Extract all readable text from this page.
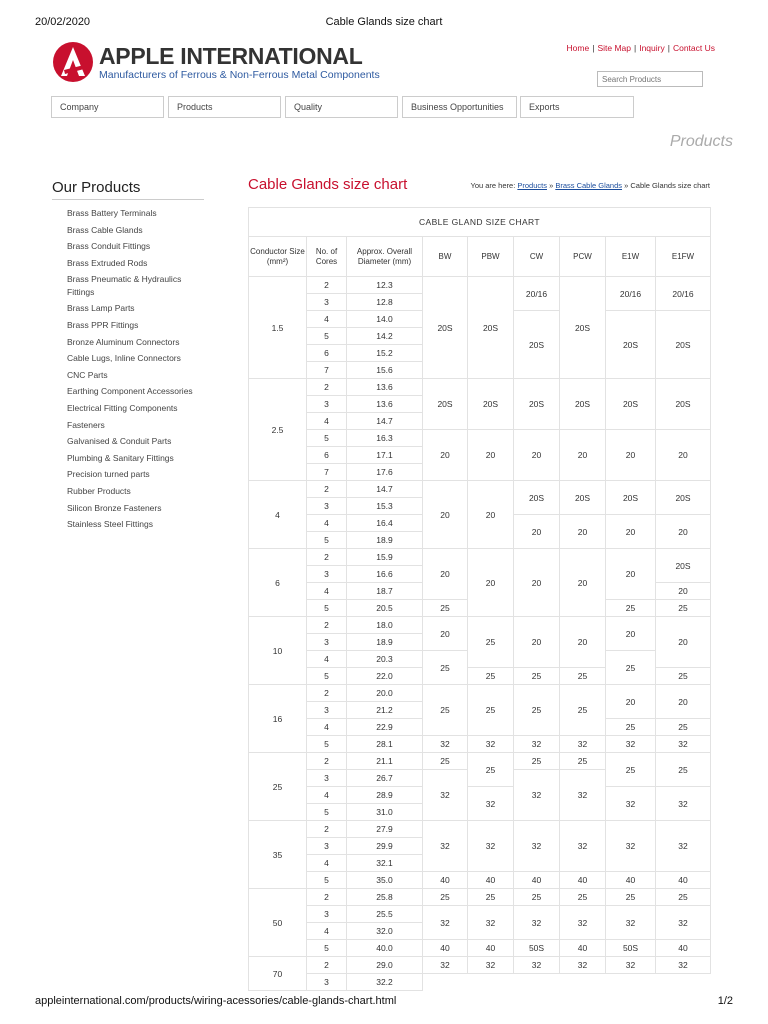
20/02/2020	Cable Glands size chart
APPLE INTERNATIONAL
Manufacturers of Ferrous & Non-Ferrous Metal Components
Home | Site Map | Inquiry | Contact Us
Search Products
Company	Products	Quality	Business Opportunities	Exports
Products
Our Products
Brass Battery Terminals
Brass Cable Glands
Brass Conduit Fittings
Brass Extruded Rods
Brass Pneumatic & Hydraulics Fittings
Brass Lamp Parts
Brass PPR Fittings
Bronze Aluminum Connectors
Cable Lugs, Inline Connectors
CNC Parts
Earthing Component Accessories
Electrical Fitting Components
Fasteners
Galvanised & Conduit Parts
Plumbing & Sanitary Fittings
Precision turned parts
Rubber Products
Silicon Bronze Fasteners
Stainless Steel Fittings
Cable Glands size chart	You are here: Products » Brass Cable Glands » Cable Glands size chart
CABLE GLAND SIZE CHART								
Conductor Size (mm²)	No. of Cores	Approx. Overall Diameter (mm)	BW	PBW	CW	PCW	E1W	E1FW
1.5	2	12.3	20S	20S	20/16	20S	20/16	20/16
	3	12.8						
	4	14.0			20S		20S	20S
	5	14.2						
	6	15.2						
	7	15.6						
2.5	2	13.6	20S	20S	20S	20S	20S	20S
	3	13.6						
	4	14.7						
	5	16.3	20	20	20	20	20	20
	6	17.1						
	7	17.6						
4	2	14.7	20	20	20S	20S	20S	20S
	3	15.3						
	4	16.4			20	20	20	20
	5	18.9						
6	2	15.9	20	20	20	20	20	20S
	3	16.6						
	4	18.7						20
	5	20.5	25				25	25
10	2	18.0	20	25	20	20	20	20
	3	18.9						
	4	20.3	25				25	
	5	22.0		25	25	25		25
16	2	20.0	25	25	25	25	20	20
	3	21.2						
	4	22.9					25	25
	5	28.1	32	32	32	32	32	32
25	2	21.1	25	25	25	25	25	25
	3	26.7	32		32	32		
	4	28.9		32			32	32
	5	31.0						
35	2	27.9	32	32	32	32	32	32
	3	29.9						
	4	32.1						
	5	35.0	40	40	40	40	40	40
50	2	25.8	25	25	25	25	25	25
	3	25.5	32	32	32	32	32	32
	4	32.0						
	5	40.0	40	40	50S	40	50S	40
70	2	29.0	32	32	32	32	32	32
	3	32.2						
appleinternational.com/products/wiring-acessories/cable-glands-chart.html	1/2
